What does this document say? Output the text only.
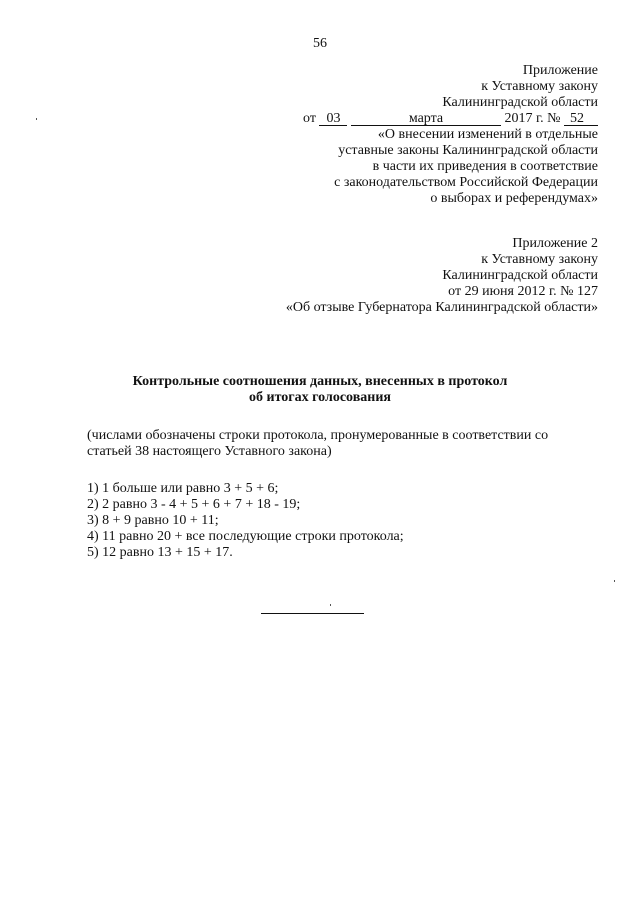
56
Приложение
к Уставному закону
Калининградской области
от 03	марта	2017 г. № 52
«О внесении изменений в отдельные
уставные законы Калининградской области
в части их приведения в соответствие
с законодательством Российской Федерации
о выборах и референдумах»
Приложение 2
к Уставному закону
Калининградской области
от 29 июня 2012 г. № 127
«Об отзыве Губернатора Калининградской области»
Контрольные соотношения данных, внесенных в протокол
об итогах голосования
(числами обозначены строки протокола, пронумерованные в соответствии со
статьей 38 настоящего Уставного закона)
1) 1 больше или равно 3 + 5 + 6;
2) 2 равно 3 - 4 + 5 + 6 + 7 + 18 - 19;
3) 8 + 9 равно 10 + 11;
4) 11 равно 20 + все последующие строки протокола;
5) 12 равно 13 + 15 + 17.
